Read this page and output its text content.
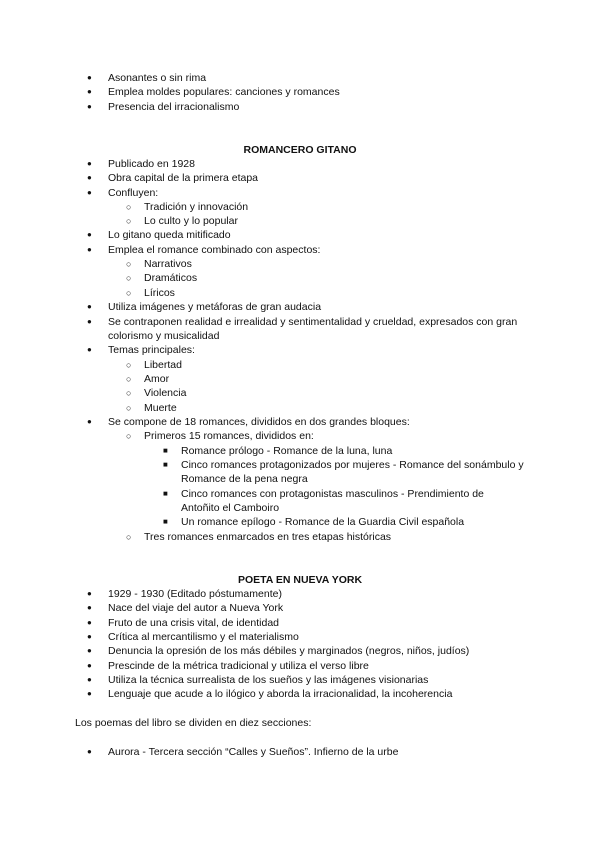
● Asonantes o sin rima
● Emplea moldes populares: canciones y romances
● Presencia del irracionalismo
ROMANCERO GITANO
● Publicado en 1928
● Obra capital de la primera etapa
● Confluyen:
○ Tradición y innovación
○ Lo culto y lo popular
● Lo gitano queda mitificado
● Emplea el romance combinado con aspectos:
○ Narrativos
○ Dramáticos
○ Líricos
● Utiliza imágenes y metáforas de gran audacia
● Se contraponen realidad e irrealidad y sentimentalidad y crueldad, expresados con gran
colorismo y musicalidad
● Temas principales:
○ Libertad
○ Amor
○ Violencia
○ Muerte
● Se compone de 18 romances, divididos en dos grandes bloques:
○ Primeros 15 romances, divididos en:
■ Romance prólogo - Romance de la luna, luna
■ Cinco romances protagonizados por mujeres - Romance del sonámbulo y
Romance de la pena negra
■ Cinco romances con protagonistas masculinos - Prendimiento de
Antoñito el Camboiro
■ Un romance epílogo - Romance de la Guardia Civil española
○ Tres romances enmarcados en tres etapas históricas
POETA EN NUEVA YORK
● 1929 - 1930 (Editado póstumamente)
● Nace del viaje del autor a Nueva York
● Fruto de una crisis vital, de identidad
● Crítica al mercantilismo y el materialismo
● Denuncia la opresión de los más débiles y marginados (negros, niños, judíos)
● Prescinde de la métrica tradicional y utiliza el verso libre
● Utiliza la técnica surrealista de los sueños y las imágenes visionarias
● Lenguaje que acude a lo ilógico y aborda la irracionalidad, la incoherencia
Los poemas del libro se dividen en diez secciones:
● Aurora - Tercera sección “Calles y Sueños”. Infierno de la urbe
